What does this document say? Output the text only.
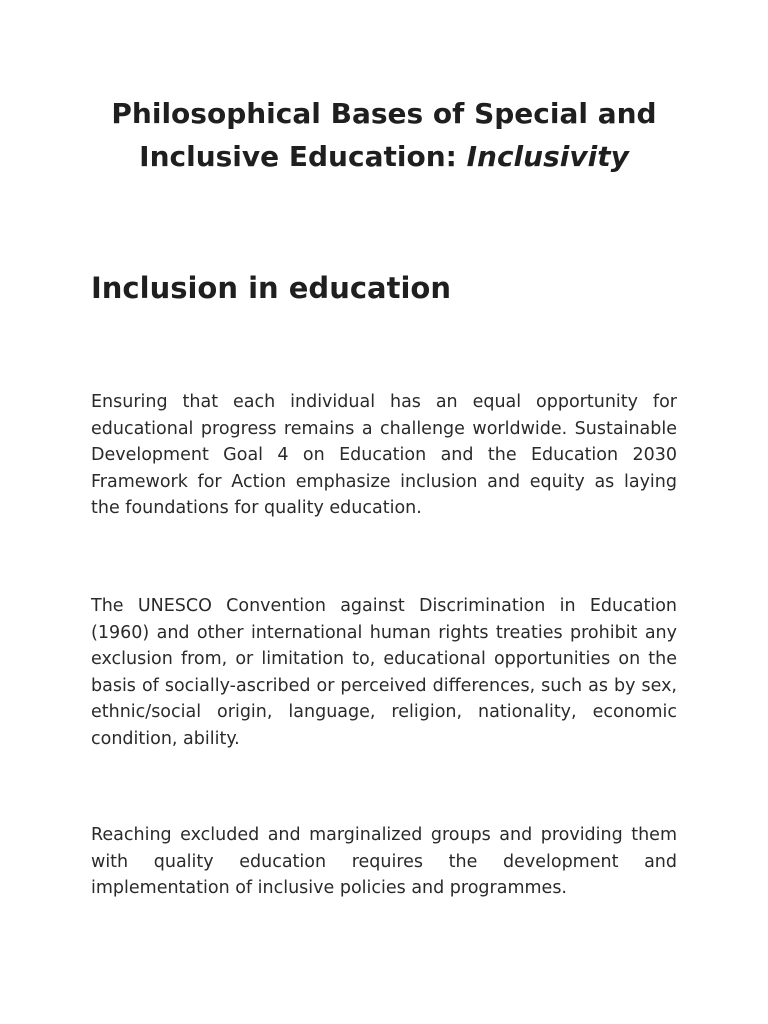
Philosophical Bases of Special and Inclusive Education: Inclusivity
Inclusion in education

Ensuring that each individual has an equal opportunity for educational progress remains a challenge worldwide. Sustainable Development Goal 4 on Education and the Education 2030 Framework for Action emphasize inclusion and equity as laying the foundations for quality education.

The UNESCO Convention against Discrimination in Education (1960) and other international human rights treaties prohibit any exclusion from, or limitation to, educational opportunities on the basis of socially-ascribed or perceived differences, such as by sex, ethnic/social origin, language, religion, nationality, economic condition, ability.

Reaching excluded and marginalized groups and providing them with quality education requires the development and implementation of inclusive policies and programmes.
